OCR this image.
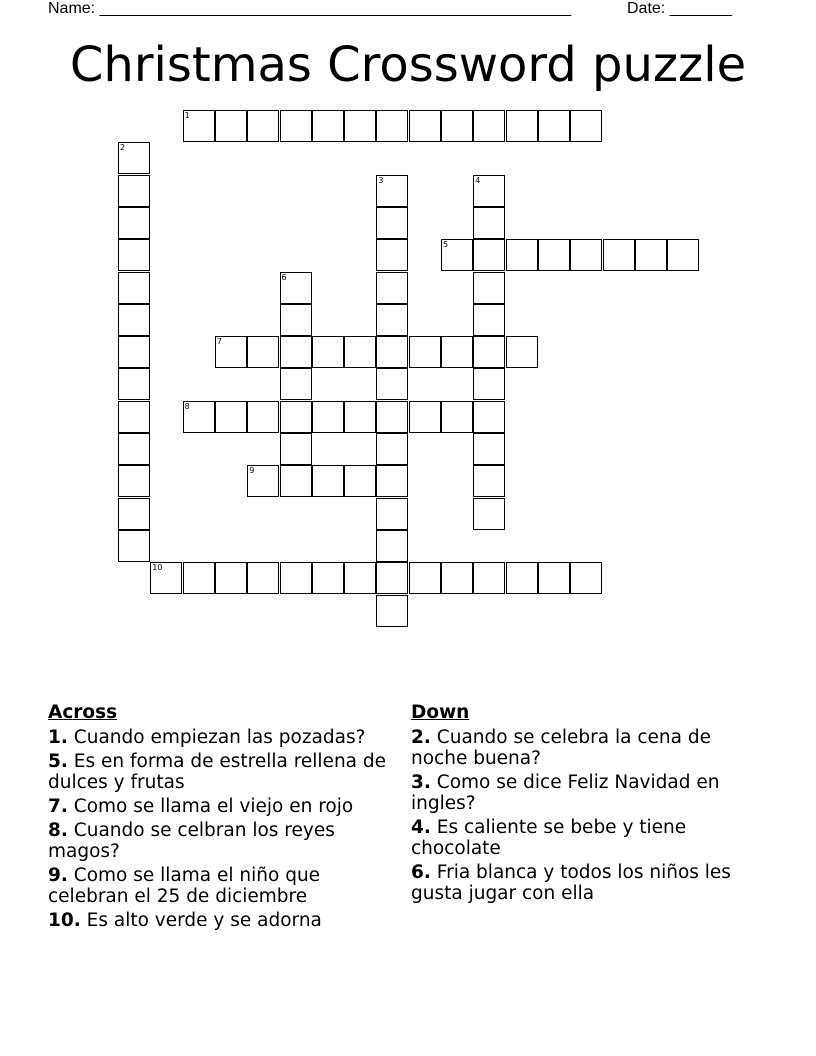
Name: _____________________________________________________	Date: _______
Christmas Crossword puzzle
1
2
3	4
5
6
7
8
9
10
Across
1. Cuando empiezan las pozadas?
5. Es en forma de estrella rellena de dulces y frutas
7. Como se llama el viejo en rojo
8. Cuando se celbran los reyes magos?
9. Como se llama el niño que celebran el 25 de diciembre
10. Es alto verde y se adorna
Down
2. Cuando se celebra la cena de noche buena?
3. Como se dice Feliz Navidad en ingles?
4. Es caliente se bebe y tiene chocolate
6. Fria blanca y todos los niños les gusta jugar con ella
